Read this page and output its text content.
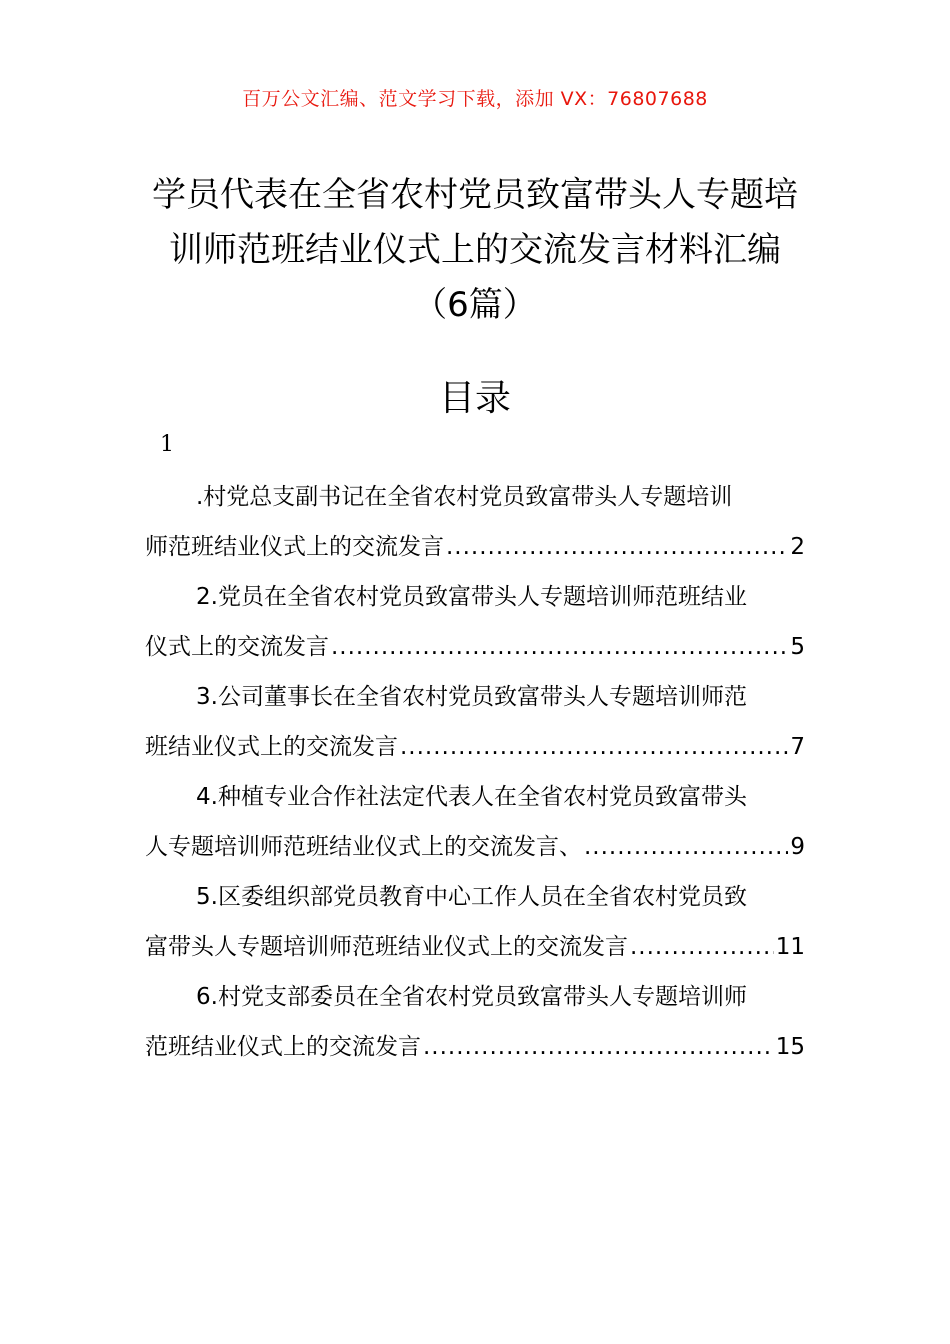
百万公文汇编、范文学习下载，添加 VX：76807688
学员代表在全省农村党员致富带头人专题培训师范班结业仪式上的交流发言材料汇编（6篇）
目录
1
.村党总支副书记在全省农村党员致富带头人专题培训
师范班结业仪式上的交流发言 .....	2
2.党员在全省农村党员致富带头人专题培训师范班结业
仪式上的交流发言 .....	5
3.公司董事长在全省农村党员致富带头人专题培训师范
班结业仪式上的交流发言 .....	7
4.种植专业合作社法定代表人在全省农村党员致富带头
人专题培训师范班结业仪式上的交流发言、 .....	9
5.区委组织部党员教育中心工作人员在全省农村党员致
富带头人专题培训师范班结业仪式上的交流发言 .....	11
6.村党支部委员在全省农村党员致富带头人专题培训师
范班结业仪式上的交流发言 .....	15
